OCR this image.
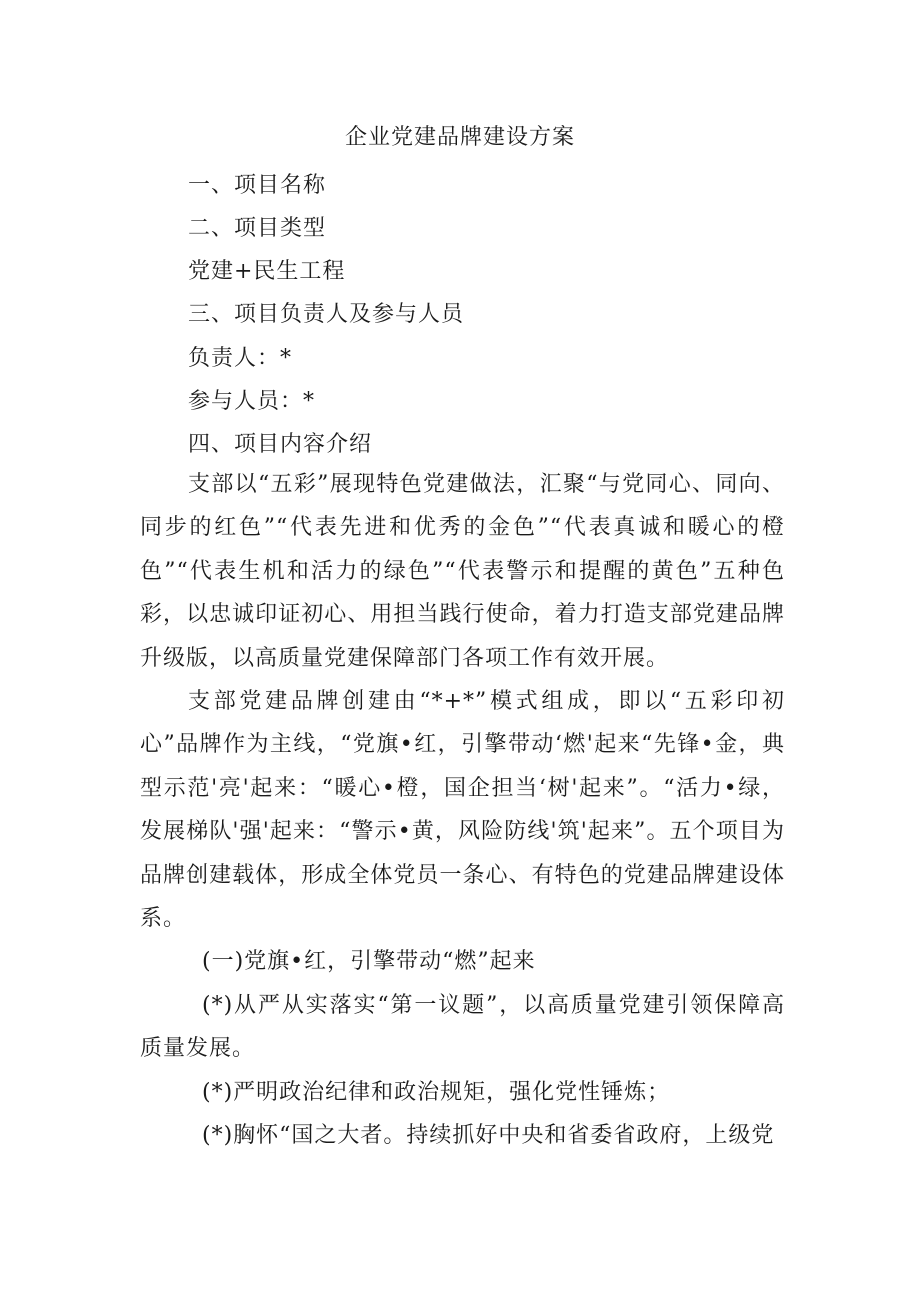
企业党建品牌建设方案

一、项目名称

二、项目类型

党建+民生工程

三、项目负责人及参与人员

负责人：*

参与人员：*

四、项目内容介绍

支部以“五彩”展现特色党建做法，汇聚“与党同心、同向、同步的红色”“代表先进和优秀的金色”“代表真诚和暖心的橙色”“代表生机和活力的绿色”“代表警示和提醒的黄色”五种色彩，以忠诚印证初心、用担当践行使命，着力打造支部党建品牌升级版，以高质量党建保障部门各项工作有效开展。

支部党建品牌创建由“*+*”模式组成，即以“五彩印初心”品牌作为主线，“党旗•红，引擎带动‘燃'起来“先锋•金，典型示范'亮'起来：“暖心•橙，国企担当‘树'起来”。“活力•绿，发展梯队'强'起来：“警示•黄，风险防线'筑'起来”。五个项目为品牌创建载体，形成全体党员一条心、有特色的党建品牌建设体系。

(一)党旗•红，引擎带动“燃”起来

(*)从严从实落实“第一议题”，以高质量党建引领保障高质量发展。

(*)严明政治纪律和政治规矩，强化党性锤炼；

(*)胸怀“国之大者。持续抓好中央和省委省政府，上级党
